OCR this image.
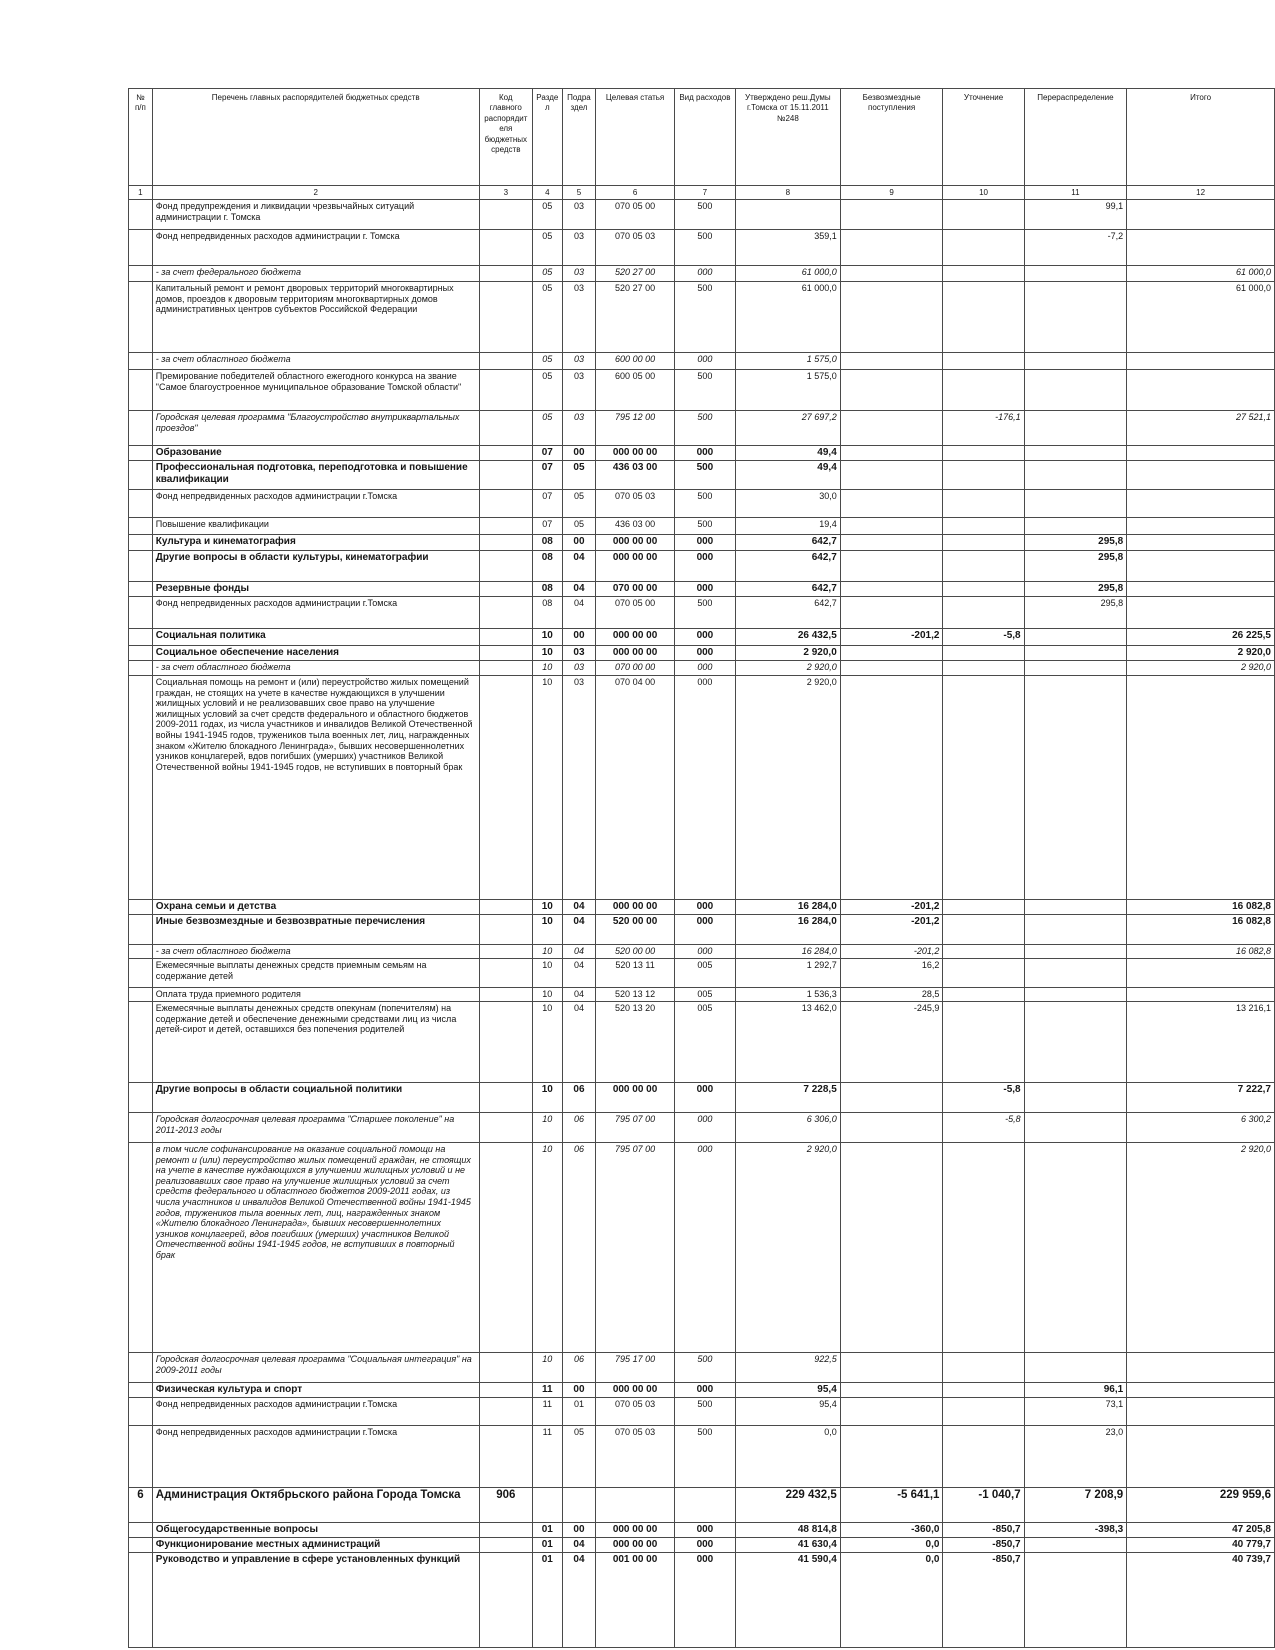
№ п/п	Перечень главных распорядителей бюджетных средств	Код главного распорядителя бюджетных средств	Раздел	Подраздел	Целевая статья	Вид расходов	Утверждено реш.Думы г.Томска от 15.11.2011 №248	Безвозмездные поступления	Уточнение	Перераспределение	Итого
1	2	3	4	5	6	7	8	9	10	11	12
	Фонд предупреждения и ликвидации чрезвычайных ситуаций администрации г. Томска		05	03	070 05 00	500				99,1	
	Фонд непредвиденных расходов администрации г. Томска		05	03	070 05 03	500	359,1			-7,2	
	- за счет федерального бюджета		05	03	520 27 00	000	61 000,0				61 000,0
	Капитальный ремонт и ремонт дворовых территорий многоквартирных домов, проездов к дворовым территориям многоквартирных домов административных центров субъектов Российской Федерации		05	03	520 27 00	500	61 000,0				61 000,0
	- за счет областного бюджета		05	03	600 00 00	000	1 575,0				
	Премирование победителей областного ежегодного конкурса на звание "Самое благоустроенное муниципальное образование Томской области"		05	03	600 05 00	500	1 575,0				
	Городская целевая программа "Благоустройство внутриквартальных проездов"		05	03	795 12 00	500	27 697,2		-176,1		27 521,1
	Образование		07	00	000 00 00	000	49,4				
	Профессиональная подготовка, переподготовка и повышение квалификации		07	05	436 03 00	500	49,4				
	Фонд непредвиденных расходов администрации г.Томска		07	05	070 05 03	500	30,0				
	Повышение квалификации		07	05	436 03 00	500	19,4				
	Культура и кинематография		08	00	000 00 00	000	642,7			295,8	
	Другие вопросы в области культуры, кинематографии		08	04	000 00 00	000	642,7			295,8	
	Резервные фонды		08	04	070 00 00	000	642,7			295,8	
	Фонд непредвиденных расходов администрации г.Томска		08	04	070 05 00	500	642,7			295,8	
	Социальная политика		10	00	000 00 00	000	26 432,5	-201,2	-5,8		26 225,5
	Социальное обеспечение населения		10	03	000 00 00	000	2 920,0				2 920,0
	- за счет областного бюджета		10	03	070 00 00	000	2 920,0				2 920,0
	Социальная помощь на ремонт и (или) переустройство жилых помещений граждан, не стоящих на учете в качестве нуждающихся в улучшении жилищных условий и не реализовавших свое право на улучшение жилищных условий за счет средств федерального и областного бюджетов 2009-2011 годах, из числа участников и инвалидов Великой Отечественной войны 1941-1945 годов, тружеников тыла военных лет, лиц, награжденных знаком «Жителю блокадного Ленинграда», бывших несовершеннолетних узников концлагерей, вдов погибших (умерших) участников Великой Отечественной войны 1941-1945 годов, не вступивших в повторный брак		10	03	070 04 00	000	2 920,0				
	Охрана семьи и детства		10	04	000 00 00	000	16 284,0	-201,2			16 082,8
	Иные безвозмездные и безвозвратные перечисления		10	04	520 00 00	000	16 284,0	-201,2			16 082,8
	- за счет областного бюджета		10	04	520 00 00	000	16 284,0	-201,2			16 082,8
	Ежемесячные выплаты денежных средств приемным семьям на содержание детей		10	04	520 13 11	005	1 292,7	16,2			
	Оплата труда приемного родителя		10	04	520 13 12	005	1 536,3	28,5			
	Ежемесячные выплаты денежных средств опекунам (попечителям) на содержание детей и обеспечение денежными средствами лиц из числа детей-сирот и детей, оставшихся без попечения родителей		10	04	520 13 20	005	13 462,0	-245,9			13 216,1
	Другие вопросы в области социальной политики		10	06	000 00 00	000	7 228,5		-5,8		7 222,7
	Городская долгосрочная целевая программа "Старшее поколение" на 2011-2013 годы		10	06	795 07 00	000	6 306,0		-5,8		6 300,2
	в том числе софинансирование на оказание социальной помощи на ремонт и (или) переустройство жилых помещений граждан, не стоящих на учете в качестве нуждающихся в улучшении жилищных условий и не реализовавших свое право на улучшение жилищных условий за счет средств федерального и областного бюджетов 2009-2011 годах, из числа участников и инвалидов Великой Отечественной войны 1941-1945 годов, тружеников тыла военных лет, лиц, награжденных знаком «Жителю блокадного Ленинграда», бывших несовершеннолетних узников концлагерей, вдов погибших (умерших) участников Великой Отечественной войны 1941-1945 годов, не вступивших в повторный брак		10	06	795 07 00	000	2 920,0				2 920,0
	Городская долгосрочная целевая программа "Социальная интеграция" на 2009-2011 годы		10	06	795 17 00	500	922,5				
	Физическая культура и спорт		11	00	000 00 00	000	95,4			96,1	
	Фонд непредвиденных расходов администрации г.Томска		11	01	070 05 03	500	95,4			73,1	
	Фонд непредвиденных расходов администрации г.Томска		11	05	070 05 03	500	0,0			23,0	
6	Администрация Октябрьского района Города Томска	906					229 432,5	-5 641,1	-1 040,7	7 208,9	229 959,6
	Общегосударственные вопросы		01	00	000 00 00	000	48 814,8	-360,0	-850,7	-398,3	47 205,8
	Функционирование местных администраций		01	04	000 00 00	000	41 630,4	0,0	-850,7		40 779,7
	Руководство и управление в сфере установленных функций		01	04	001 00 00	000	41 590,4	0,0	-850,7		40 739,7
